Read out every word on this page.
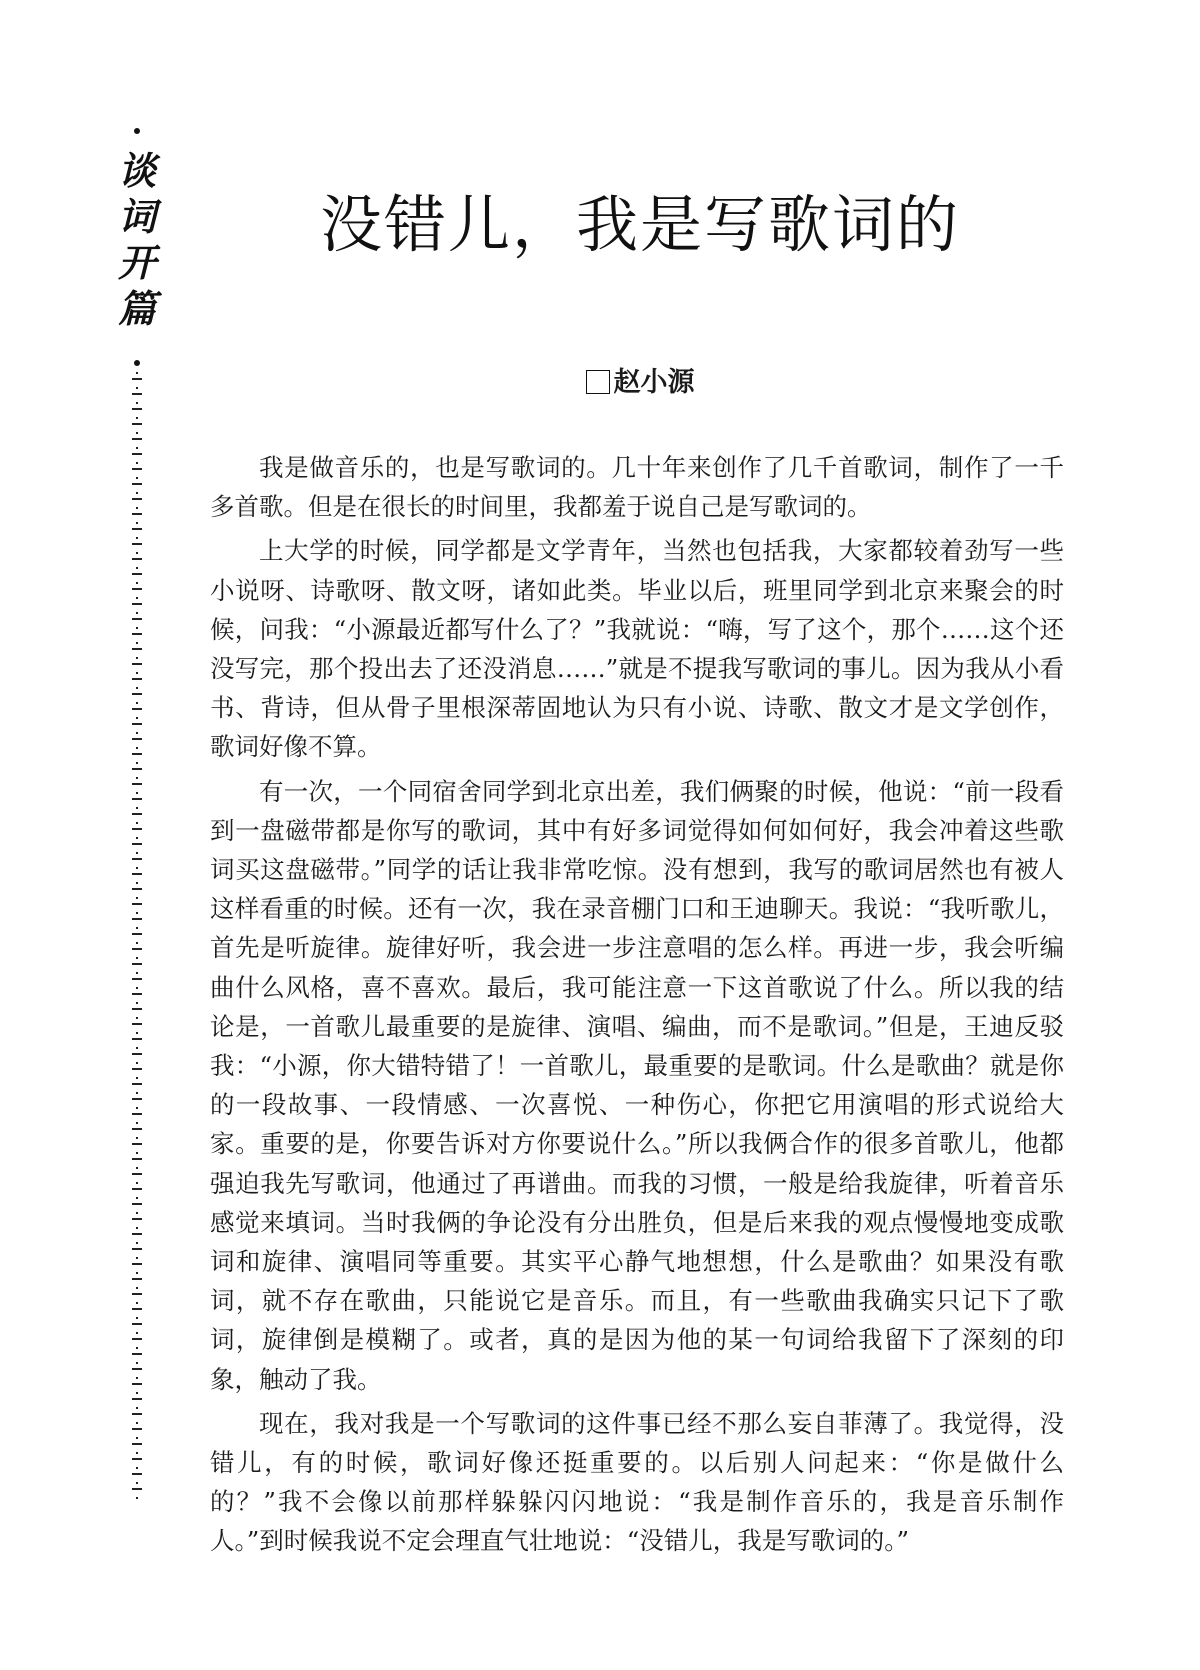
谈
词
开
篇
没错儿，我是写歌词的
赵小源

我是做音乐的，也是写歌词的。几十年来创作了几千首歌词，制作了一千多首歌。但是在很长的时间里，我都羞于说自己是写歌词的。

上大学的时候，同学都是文学青年，当然也包括我，大家都较着劲写一些小说呀、诗歌呀、散文呀，诸如此类。毕业以后，班里同学到北京来聚会的时候，问我：“小源最近都写什么了？”我就说：“嗨，写了这个，那个……这个还没写完，那个投出去了还没消息……”就是不提我写歌词的事儿。因为我从小看书、背诗，但从骨子里根深蒂固地认为只有小说、诗歌、散文才是文学创作，歌词好像不算。

有一次，一个同宿舍同学到北京出差，我们俩聚的时候，他说：“前一段看到一盘磁带都是你写的歌词，其中有好多词觉得如何如何好，我会冲着这些歌词买这盘磁带。”同学的话让我非常吃惊。没有想到，我写的歌词居然也有被人这样看重的时候。还有一次，我在录音棚门口和王迪聊天。我说：“我听歌儿，首先是听旋律。旋律好听，我会进一步注意唱的怎么样。再进一步，我会听编曲什么风格，喜不喜欢。最后，我可能注意一下这首歌说了什么。所以我的结论是，一首歌儿最重要的是旋律、演唱、编曲，而不是歌词。”但是，王迪反驳我：“小源，你大错特错了！一首歌儿，最重要的是歌词。什么是歌曲？就是你的一段故事、一段情感、一次喜悦、一种伤心，你把它用演唱的形式说给大家。重要的是，你要告诉对方你要说什么。”所以我俩合作的很多首歌儿，他都强迫我先写歌词，他通过了再谱曲。而我的习惯，一般是给我旋律，听着音乐感觉来填词。当时我俩的争论没有分出胜负，但是后来我的观点慢慢地变成歌词和旋律、演唱同等重要。其实平心静气地想想，什么是歌曲？如果没有歌词，就不存在歌曲，只能说它是音乐。而且，有一些歌曲我确实只记下了歌词，旋律倒是模糊了。或者，真的是因为他的某一句词给我留下了深刻的印象，触动了我。

现在，我对我是一个写歌词的这件事已经不那么妄自菲薄了。我觉得，没错儿，有的时候，歌词好像还挺重要的。以后别人问起来：“你是做什么的？”我不会像以前那样躲躲闪闪地说：“我是制作音乐的，我是音乐制作人。”到时候我说不定会理直气壮地说：“没错儿，我是写歌词的。”
